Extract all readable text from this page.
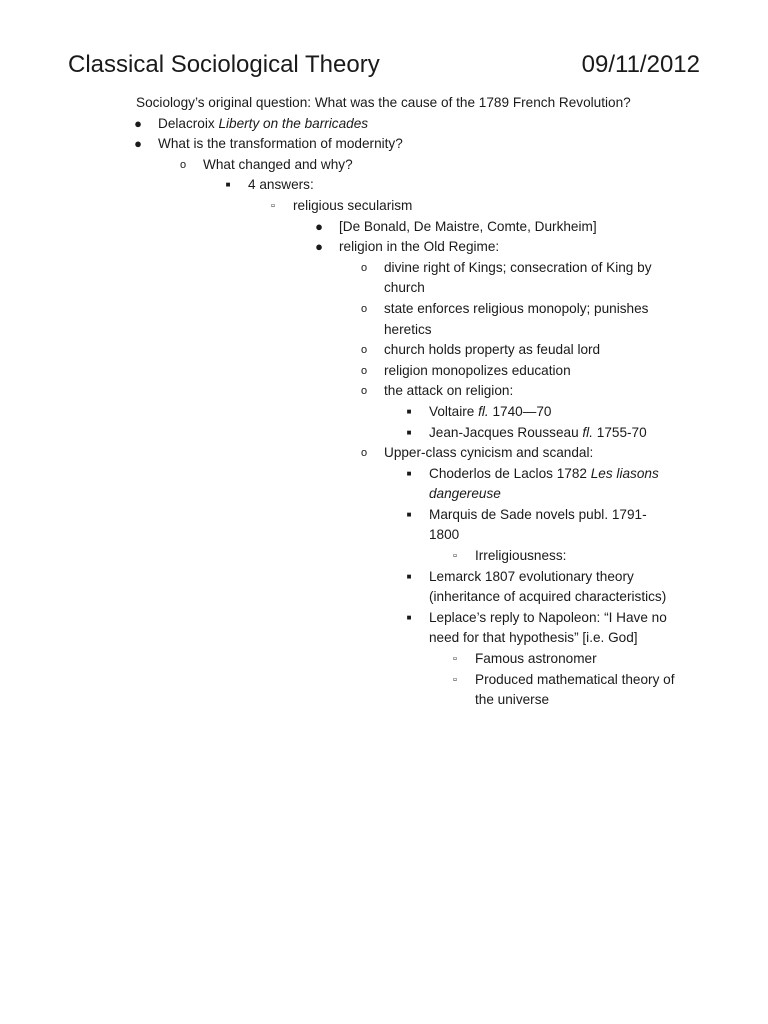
Classical Sociological Theory	09/11/2012
Sociology’s original question: What was the cause of the 1789 French Revolution?
● Delacroix Liberty on the barricades
● What is the transformation of modernity?
o What changed and why?
■ 4 answers:
▫ religious secularism
● [De Bonald, De Maistre, Comte, Durkheim]
● religion in the Old Regime:
o divine right of Kings; consecration of King by church
o state enforces religious monopoly; punishes heretics
o church holds property as feudal lord
o religion monopolizes education
o the attack on religion:
■ Voltaire fl. 1740—70
■ Jean-Jacques Rousseau fl. 1755-70
o Upper-class cynicism and scandal:
■ Choderlos de Laclos 1782 Les liasons dangereuse
■ Marquis de Sade novels publ. 1791-1800
▫ Irreligiousness:
■ Lemarck 1807 evolutionary theory (inheritance of acquired characteristics)
■ Leplace’s reply to Napoleon: “I Have no need for that hypothesis” [i.e. God]
▫ Famous astronomer
▫ Produced mathematical theory of the universe
